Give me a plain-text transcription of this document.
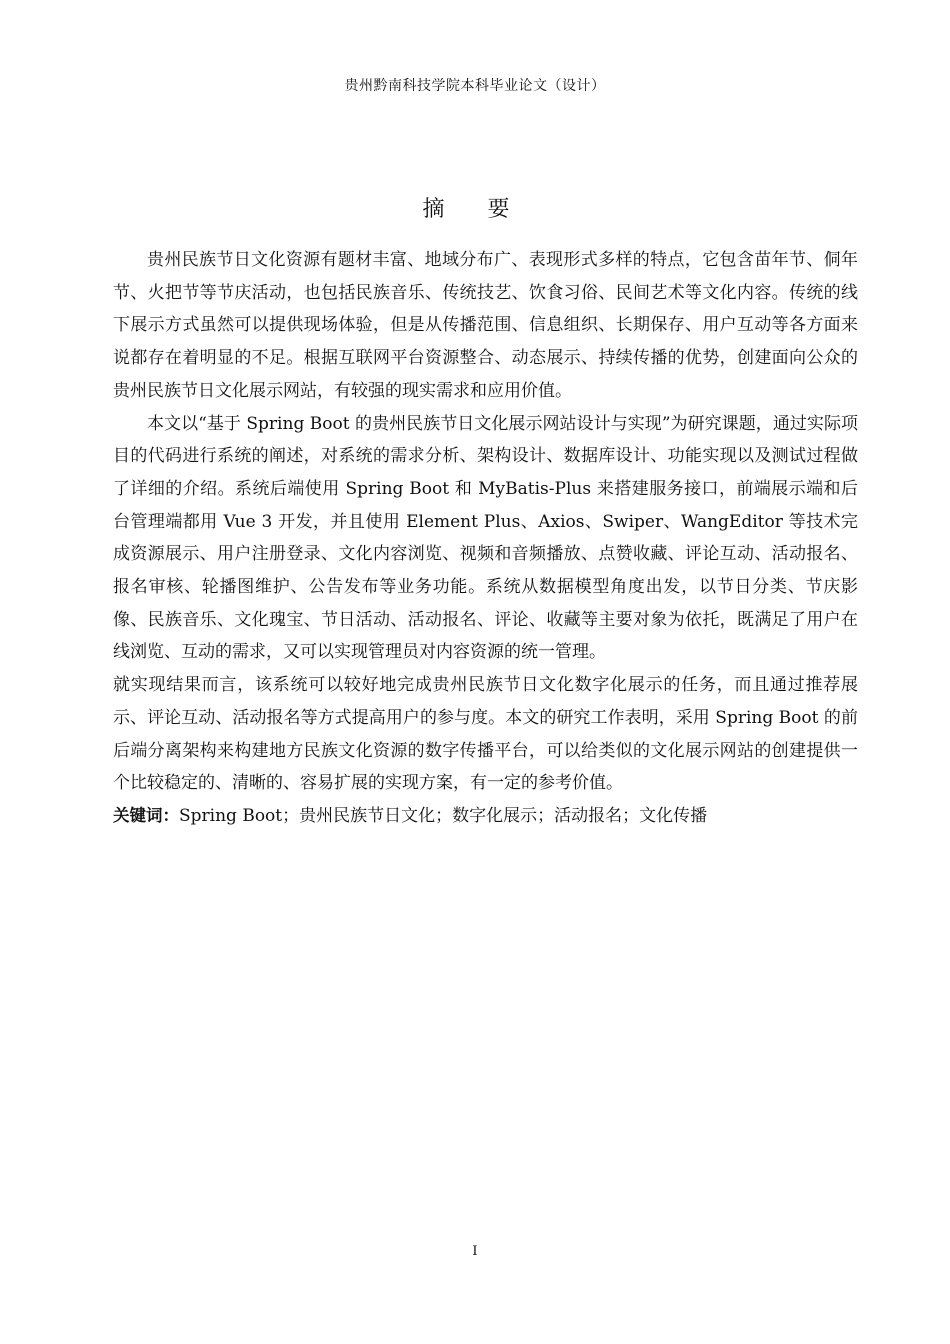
贵州黔南科技学院本科毕业论文（设计）
摘 要

贵州民族节日文化资源有题材丰富、地域分布广、表现形式多样的特点，它包含苗年节、侗年节、火把节等节庆活动，也包括民族音乐、传统技艺、饮食习俗、民间艺术等文化内容。传统的线下展示方式虽然可以提供现场体验，但是从传播范围、信息组织、长期保存、用户互动等各方面来说都存在着明显的不足。根据互联网平台资源整合、动态展示、持续传播的优势，创建面向公众的贵州民族节日文化展示网站，有较强的现实需求和应用价值。

本文以“基于 Spring Boot 的贵州民族节日文化展示网站设计与实现”为研究课题，通过实际项目的代码进行系统的阐述，对系统的需求分析、架构设计、数据库设计、功能实现以及测试过程做了详细的介绍。系统后端使用 Spring Boot 和 MyBatis-Plus 来搭建服务接口，前端展示端和后台管理端都用 Vue 3 开发，并且使用 Element Plus、Axios、Swiper、WangEditor 等技术完成资源展示、用户注册登录、文化内容浏览、视频和音频播放、点赞收藏、评论互动、活动报名、报名审核、轮播图维护、公告发布等业务功能。系统从数据模型角度出发，以节日分类、节庆影像、民族音乐、文化瑰宝、节日活动、活动报名、评论、收藏等主要对象为依托，既满足了用户在线浏览、互动的需求，又可以实现管理员对内容资源的统一管理。

就实现结果而言，该系统可以较好地完成贵州民族节日文化数字化展示的任务，而且通过推荐展示、评论互动、活动报名等方式提高用户的参与度。本文的研究工作表明，采用 Spring Boot 的前后端分离架构来构建地方民族文化资源的数字传播平台，可以给类似的文化展示网站的创建提供一个比较稳定的、清晰的、容易扩展的实现方案，有一定的参考价值。

关键词：Spring Boot；贵州民族节日文化；数字化展示；活动报名；文化传播

I
